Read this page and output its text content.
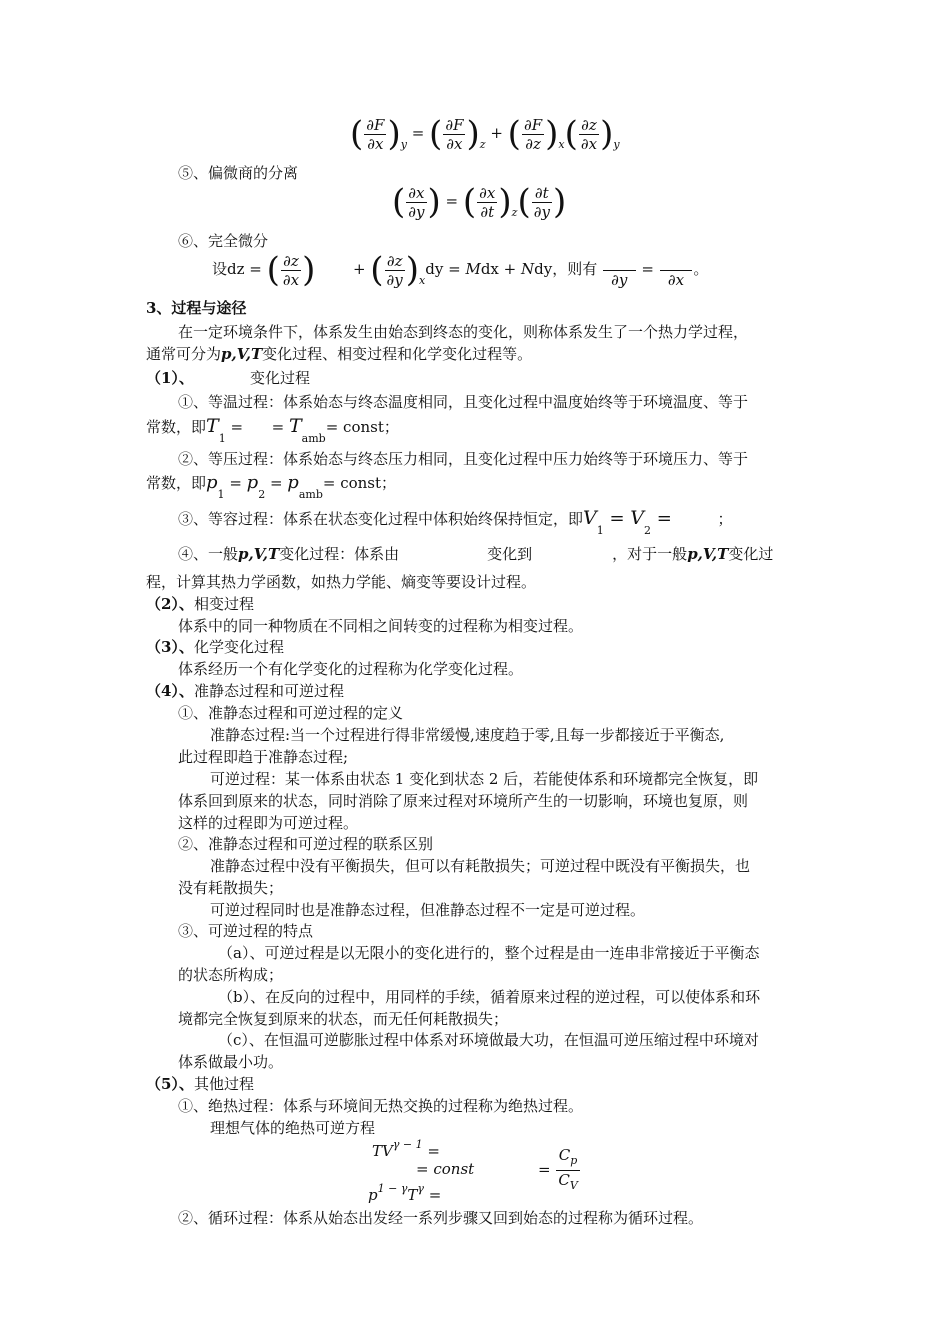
( $\frac{\partial F}{\partial x} )_y$ = ( $\frac{\partial F}{\partial x} )_z$ + ( $\frac{\partial F}{\partial z} )_x( \frac{\partial z}{\partial x} )_y$
⑤、偏微商的分离
( $\frac{\partial x}{\partial y}$ ) = ( $\frac{\partial x}{\partial t} )_z( \frac{\partial t}{\partial y}$ )
⑥、完全微分
设dz = ( $\frac{\partial z}{\partial x}$ )	+ ( $\frac{\partial z}{\partial y} )_xdy$ = Mdx + Ndy，则有

∂y
=

∂x
。
3、过程与途径
在一定环境条件下，体系发生由始态到终态的变化，则称体系发生了一个热力学过程，
通常可分为p,V,T变化过程、相变过程和化学变化过程等。
（1）、	变化过程
①、等温过程：体系始态与终态温度相同，且变化过程中温度始终等于环境温度、等于
常数，即$T_1$ =      = $T_{amb}=$ const；
②、等压过程：体系始态与终态压力相同，且变化过程中压力始终等于环境压力、等于
常数，即$p_1 = p_2 = p_{amb}=$ const；
③、等容过程：体系在状态变化过程中体积始终保持恒定，即$V_1 = V_2$ =	；
④、一般p,V,T变化过程：体系由	变化到	，对于一般p,V,T变化过
程，计算其热力学函数，如热力学能、熵变等要设计过程。
（2）、相变过程
体系中的同一种物质在不同相之间转变的过程称为相变过程。
（3）、化学变化过程
体系经历一个有化学变化的过程称为化学变化过程。
（4）、准静态过程和可逆过程
①、准静态过程和可逆过程的定义
准静态过程:当一个过程进行得非常缓慢,速度趋于零,且每一步都接近于平衡态,
此过程即趋于准静态过程;
可逆过程：某一体系由状态 1 变化到状态 2 后，若能使体系和环境都完全恢复，即
体系回到原来的状态，同时消除了原来过程对环境所产生的一切影响，环境也复原，则
这样的过程即为可逆过程。
②、准静态过程和可逆过程的联系区别
准静态过程中没有平衡损失，但可以有耗散损失；可逆过程中既没有平衡损失，也
没有耗散损失；
可逆过程同时也是准静态过程，但准静态过程不一定是可逆过程。
③、可逆过程的特点
（a）、可逆过程是以无限小的变化进行的，整个过程是由一连串非常接近于平衡态
的状态所构成；
（b）、在反向的过程中，用同样的手续，循着原来过程的逆过程，可以使体系和环
境都完全恢复到原来的状态，而无任何耗散损失；
（c）、在恒温可逆膨胀过程中体系对环境做最大功，在恒温可逆压缩过程中环境对
体系做最小功。
（5）、其他过程
①、绝热过程：体系与环境间无热交换的过程称为绝热过程。
理想气体的绝热可逆方程
$TV^{\gamma - 1}$ =
= const
$p^{1 - \gamma}T^\gamma$ =
= $\frac{C_p}{C_V}$
②、循环过程：体系从始态出发经一系列步骤又回到始态的过程称为循环过程。
